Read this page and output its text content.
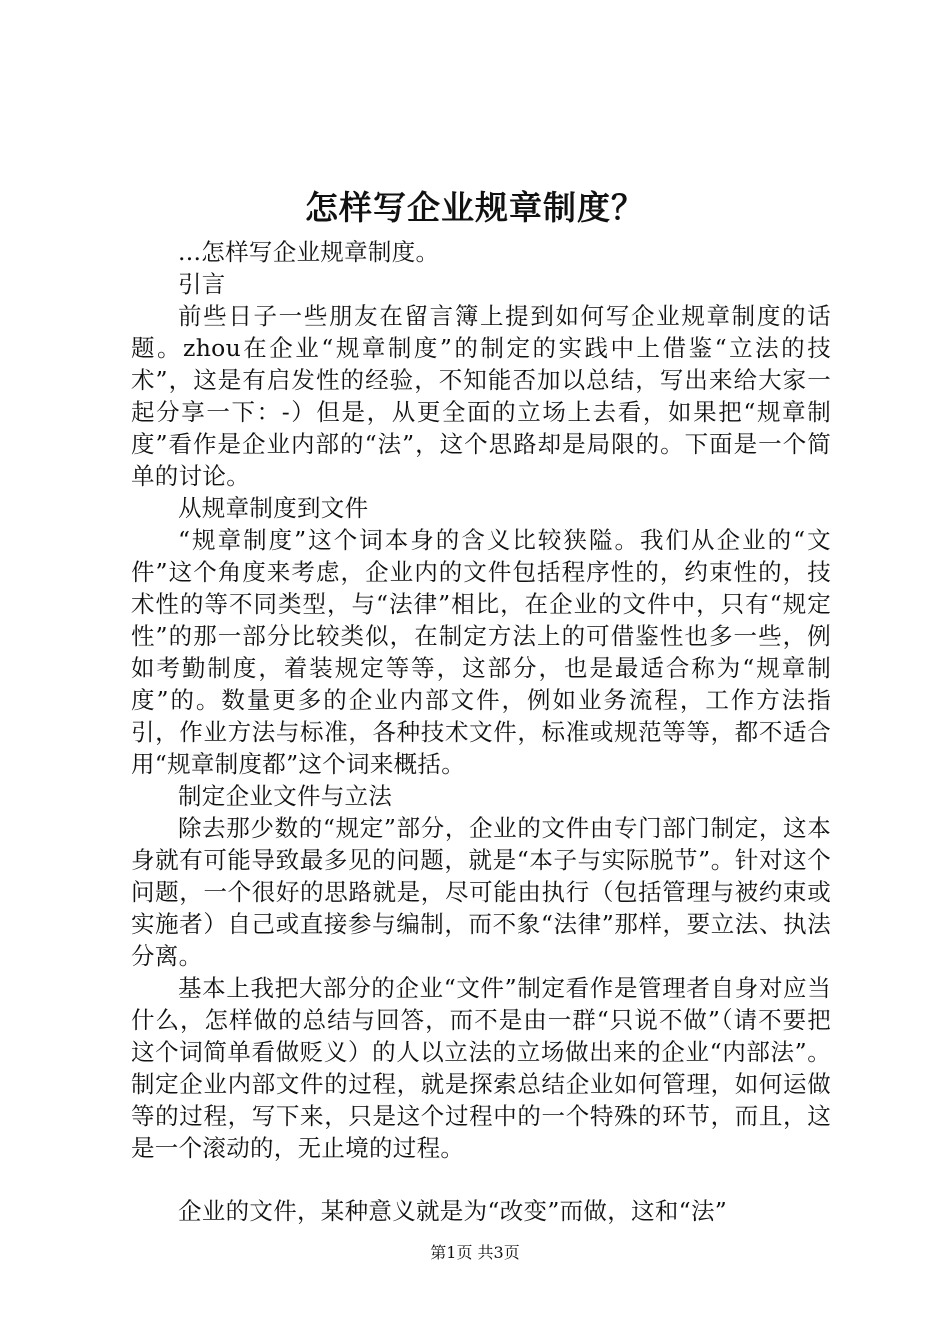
怎样写企业规章制度？

...怎样写企业规章制度。

引言

前些日子一些朋友在留言簿上提到如何写企业规章制度的话题。zhou在企业“规章制度”的制定的实践中上借鉴“立法的技术”，这是有启发性的经验，不知能否加以总结，写出来给大家一起分享一下：-）但是，从更全面的立场上去看，如果把“规章制度”看作是企业内部的“法”，这个思路却是局限的。下面是一个简单的讨论。

从规章制度到文件

“规章制度”这个词本身的含义比较狭隘。我们从企业的“文件”这个角度来考虑，企业内的文件包括程序性的，约束性的，技术性的等不同类型，与“法律”相比，在企业的文件中，只有“规定性”的那一部分比较类似，在制定方法上的可借鉴性也多一些，例如考勤制度，着装规定等等，这部分，也是最适合称为“规章制度”的。数量更多的企业内部文件，例如业务流程，工作方法指引，作业方法与标准，各种技术文件，标准或规范等等，都不适合用“规章制度都”这个词来概括。

制定企业文件与立法

除去那少数的“规定”部分，企业的文件由专门部门制定，这本身就有可能导致最多见的问题，就是“本子与实际脱节”。针对这个问题，一个很好的思路就是，尽可能由执行（包括管理与被约束或实施者）自己或直接参与编制，而不象“法律”那样，要立法、执法分离。

基本上我把大部分的企业“文件”制定看作是管理者自身对应当什么，怎样做的总结与回答，而不是由一群“只说不做”（请不要把这个词简单看做贬义）的人以立法的立场做出来的企业“内部法”。制定企业内部文件的过程，就是探索总结企业如何管理，如何运做等的过程，写下来，只是这个过程中的一个特殊的环节，而且，这是一个滚动的，无止境的过程。

企业的文件，某种意义就是为“改变”而做，这和“法”

第1页 共3页
